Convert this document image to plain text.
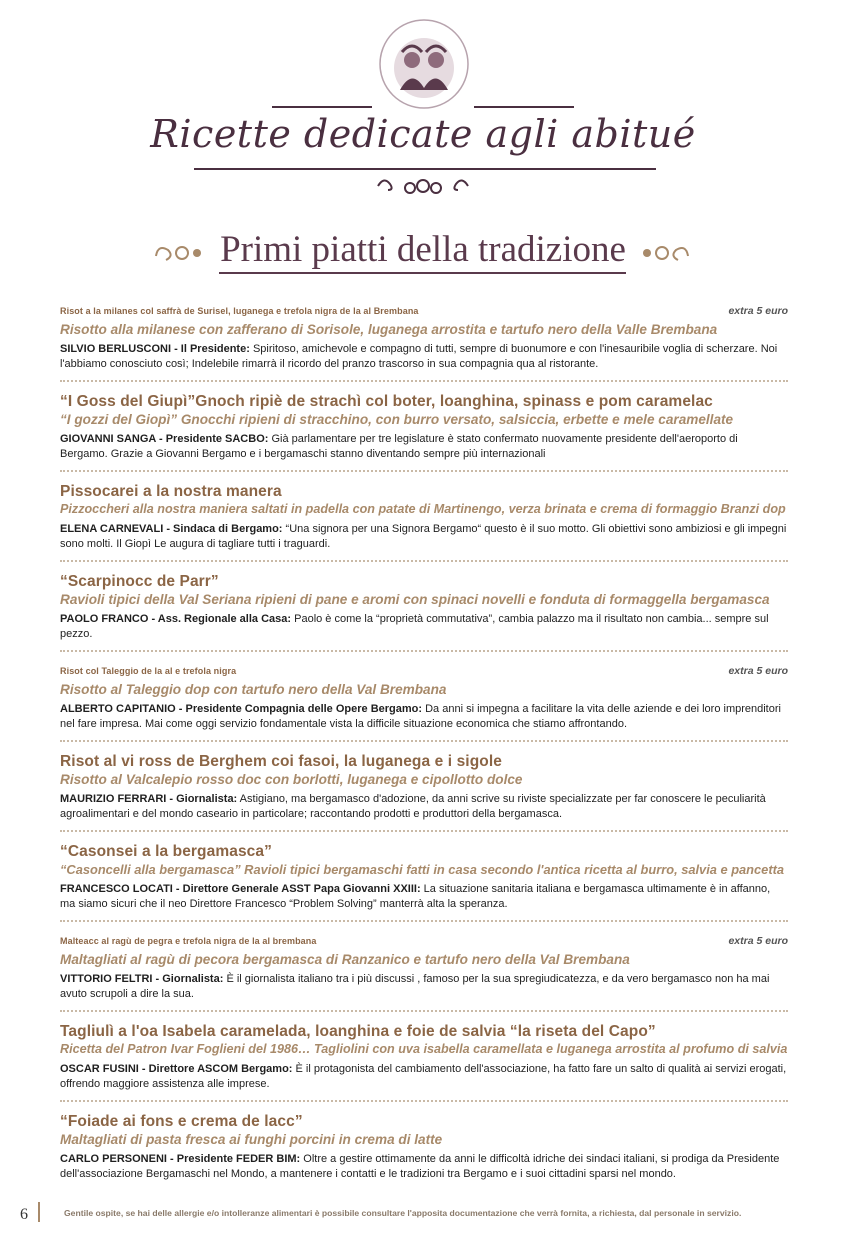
Ricette dedicate agli abitué
Primi piatti della tradizione
Risot a la milanes col saffrà de Surisel, luganega e trefola nigra de la al Brembana	extra 5 euro
Risotto alla milanese con zafferano di Sorisole, luganega arrostita e tartufo nero della Valle Brembana
SILVIO BERLUSCONI - Il Presidente: Spiritoso, amichevole e compagno di tutti, sempre di buonumore e con l'inesauribile voglia di scherzare. Noi l'abbiamo conosciuto così; Indelebile rimarrà il ricordo del pranzo trascorso in sua compagnia qua al ristorante.
“I Goss del Giupì”Gnoch ripiè de strachì col boter, loanghina, spinass e pom caramelac
“I gozzi del Giopì” Gnocchi ripieni di stracchino, con burro versato, salsiccia, erbette e mele caramellate
GIOVANNI SANGA - Presidente SACBO: Già parlamentare per tre legislature è stato confermato nuovamente presidente dell'aeroporto di Bergamo. Grazie a Giovanni Bergamo e i bergamaschi stanno diventando sempre più internazionali
Pissocarei a la nostra manera
Pizzoccheri alla nostra maniera saltati in padella con patate di Martinengo, verza brinata e crema di formaggio Branzi dop
ELENA CARNEVALI - Sindaca di Bergamo: “Una signora per una Signora Bergamo“ questo è il suo motto. Gli obiettivi sono ambiziosi e gli impegni sono molti. Il Giopì Le augura di tagliare tutti i traguardi.
“Scarpinocc de Parr”
Ravioli tipici della Val Seriana ripieni di pane e aromi con spinaci novelli e fonduta di formaggella bergamasca
PAOLO FRANCO - Ass. Regionale alla Casa: Paolo è come la “proprietà commutativa”, cambia palazzo ma il risultato non cambia... sempre sul pezzo.
Risot col Taleggio de la al e trefola nigra	extra 5 euro
Risotto al Taleggio dop con tartufo nero della Val Brembana
ALBERTO CAPITANIO - Presidente Compagnia delle Opere Bergamo: Da anni si impegna a facilitare la vita delle aziende e dei loro imprenditori nel fare impresa. Mai come oggi servizio fondamentale vista la difficile situazione economica che stiamo affrontando.
Risot al vi ross de Berghem coi fasoi, la luganega e i sigole
Risotto al Valcalepio rosso doc con borlotti, luganega e cipollotto dolce
MAURIZIO FERRARI - Giornalista: Astigiano, ma bergamasco d'adozione, da anni scrive su riviste specializzate per far conoscere le peculiarità agroalimentari e del mondo caseario in particolare; raccontando prodotti e produttori della bergamasca.
“Casonsei a la bergamasca”
“Casoncelli alla bergamasca” Ravioli tipici bergamaschi fatti in casa secondo l'antica ricetta al burro, salvia e pancetta
FRANCESCO LOCATI - Direttore Generale ASST Papa Giovanni XXIII: La situazione sanitaria italiana e bergamasca ultimamente è in affanno, ma siamo sicuri che il neo Direttore Francesco “Problem Solving” manterrà alta la speranza.
Malteacc al ragù de pegra e trefola nigra de la al brembana	extra 5 euro
Maltagliati al ragù di pecora bergamasca di Ranzanico e tartufo nero della Val Brembana
VITTORIO FELTRI - Giornalista: È il giornalista italiano tra i più discussi , famoso per la sua spregiudicatezza, e da vero bergamasco non ha mai avuto scrupoli a dire la sua.
Tagliulì a l'oa Isabela caramelada, loanghina e foie de salvia “la riseta del Capo”
Ricetta del Patron Ivar Foglieni del 1986… Tagliolini con uva isabella caramellata e luganega arrostita al profumo di salvia
OSCAR FUSINI - Direttore ASCOM Bergamo: È il protagonista del cambiamento dell'associazione, ha fatto fare un salto di qualità ai servizi erogati, offrendo maggiore assistenza alle imprese.
“Foiade ai fons e crema de lacc”
Maltagliati di pasta fresca ai funghi porcini in crema di latte
CARLO PERSONENI - Presidente FEDER BIM: Oltre a gestire ottimamente da anni le difficoltà idriche dei sindaci italiani, si prodiga da Presidente dell'associazione Bergamaschi nel Mondo, a mantenere i contatti e le tradizioni tra Bergamo e i suoi cittadini sparsi nel mondo.
6	Gentile ospite, se hai delle allergie e/o intolleranze alimentari è possibile consultare l'apposita documentazione che verrà fornita, a richiesta, dal personale in servizio.
